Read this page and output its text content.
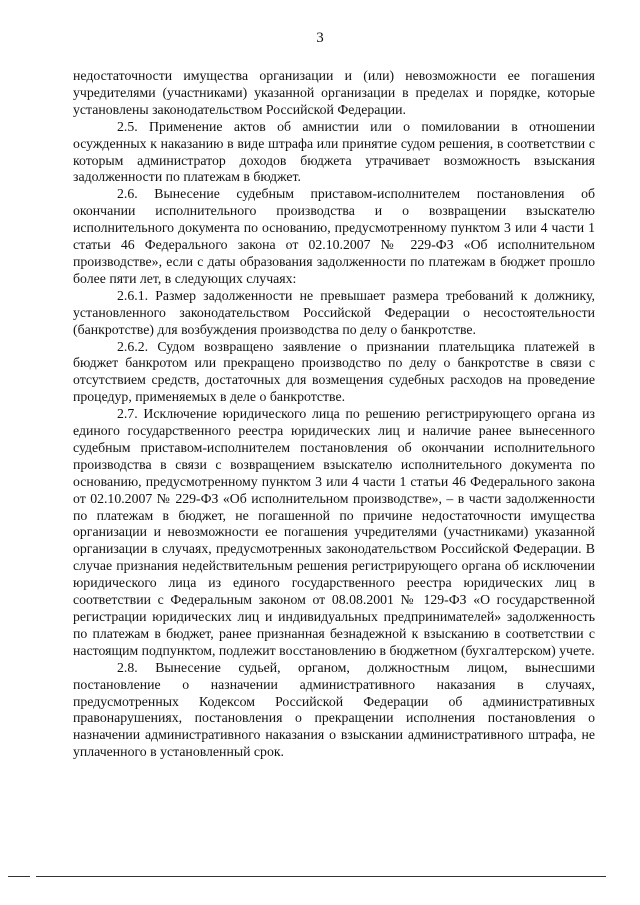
3

недостаточности имущества организации и (или) невозможности ее погашения учредителями (участниками) указанной организации в пределах и порядке, которые установлены законодательством Российской Федерации.

2.5. Применение актов об амнистии или о помиловании в отношении осужденных к наказанию в виде штрафа или принятие судом решения, в соответствии с которым администратор доходов бюджета утрачивает возможность взыскания задолженности по платежам в бюджет.

2.6. Вынесение судебным приставом-исполнителем постановления об окончании исполнительного производства и о возвращении взыскателю исполнительного документа по основанию, предусмотренному пунктом 3 или 4 части 1 статьи 46 Федерального закона от 02.10.2007 № 229-ФЗ «Об исполнительном производстве», если с даты образования задолженности по платежам в бюджет прошло более пяти лет, в следующих случаях:

2.6.1. Размер задолженности не превышает размера требований к должнику, установленного законодательством Российской Федерации о несостоятельности (банкротстве) для возбуждения производства по делу о банкротстве.

2.6.2. Судом возвращено заявление о признании плательщика платежей в бюджет банкротом или прекращено производство по делу о банкротстве в связи с отсутствием средств, достаточных для возмещения судебных расходов на проведение процедур, применяемых в деле о банкротстве.

2.7. Исключение юридического лица по решению регистрирующего органа из единого государственного реестра юридических лиц и наличие ранее вынесенного судебным приставом-исполнителем постановления об окончании исполнительного производства в связи с возвращением взыскателю исполнительного документа по основанию, предусмотренному пунктом 3 или 4 части 1 статьи 46 Федерального закона от 02.10.2007 № 229-ФЗ «Об исполнительном производстве», – в части задолженности по платежам в бюджет, не погашенной по причине недостаточности имущества организации и невозможности ее погашения учредителями (участниками) указанной организации в случаях, предусмотренных законодательством Российской Федерации. В случае признания недействительным решения регистрирующего органа об исключении юридического лица из единого государственного реестра юридических лиц в соответствии с Федеральным законом от 08.08.2001 № 129-ФЗ «О государственной регистрации юридических лиц и индивидуальных предпринимателей» задолженность по платежам в бюджет, ранее признанная безнадежной к взысканию в соответствии с настоящим подпунктом, подлежит восстановлению в бюджетном (бухгалтерском) учете.

2.8. Вынесение судьей, органом, должностным лицом, вынесшими постановление о назначении административного наказания в случаях, предусмотренных Кодексом Российской Федерации об административных правонарушениях, постановления о прекращении исполнения постановления о назначении административного наказания о взыскании административного штрафа, не уплаченного в установленный срок.
